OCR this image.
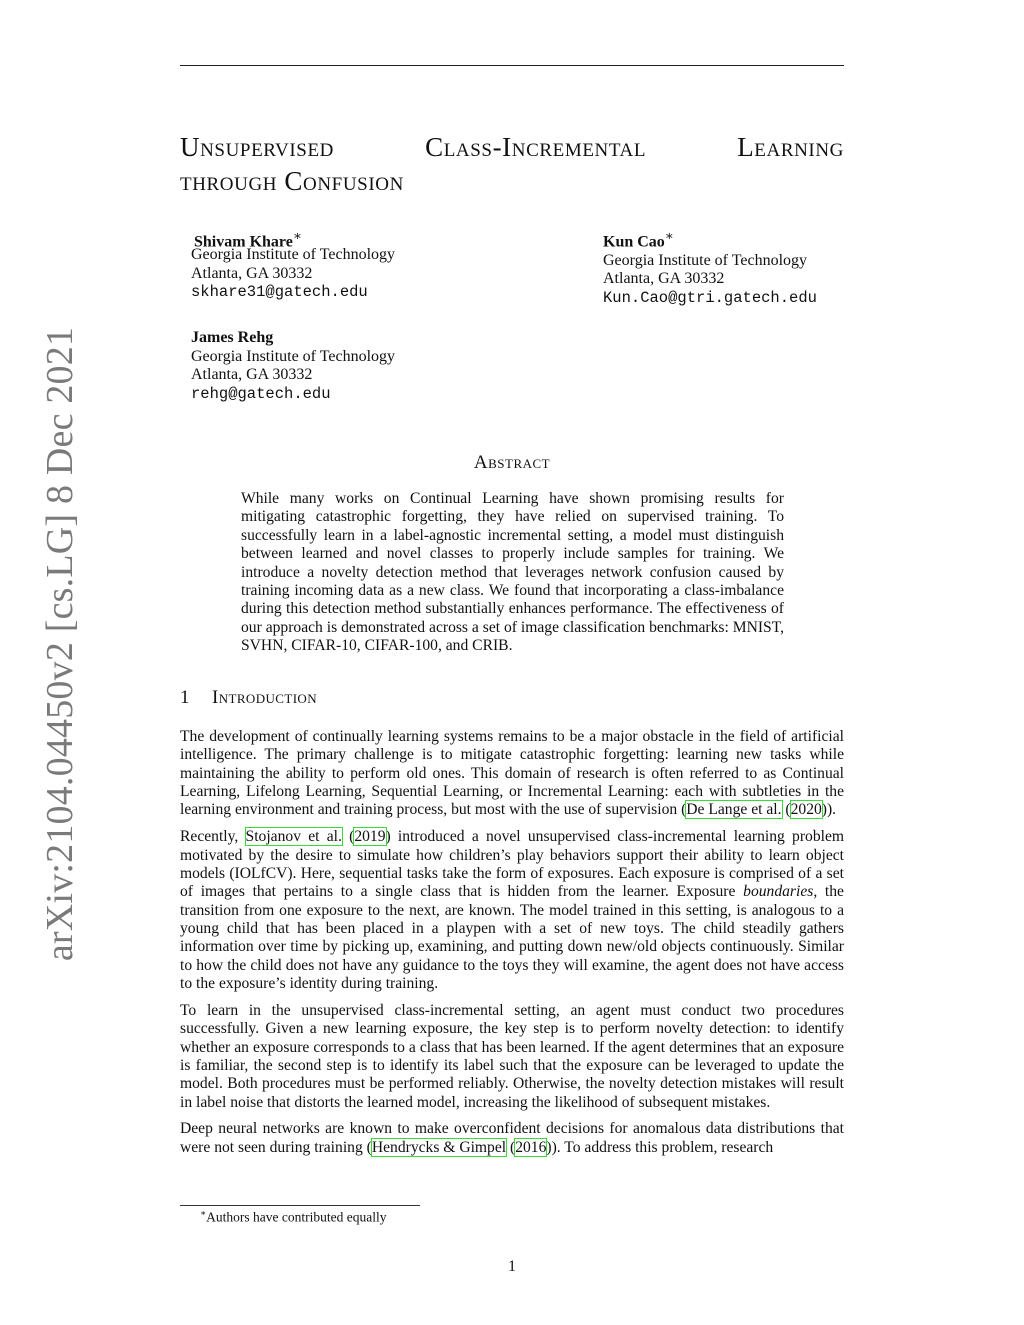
arXiv:2104.04450v2 [cs.LG] 8 Dec 2021
Unsupervised	Class-Incremental	Learning
through Confusion
Shivam Khare∗
Georgia Institute of Technology
Atlanta, GA 30332
skhare31@gatech.edu
Kun Cao∗
Georgia Institute of Technology
Atlanta, GA 30332
Kun.Cao@gtri.gatech.edu
James Rehg
Georgia Institute of Technology
Atlanta, GA 30332
rehg@gatech.edu
Abstract
While many works on Continual Learning have shown promising results for mitigating catastrophic forgetting, they have relied on supervised training. To successfully learn in a label-agnostic incremental setting, a model must distinguish between learned and novel classes to properly include samples for training. We introduce a novelty detection method that leverages network confusion caused by training incoming data as a new class. We found that incorporating a class-imbalance during this detection method substantially enhances performance. The effectiveness of our approach is demonstrated across a set of image classification benchmarks: MNIST, SVHN, CIFAR-10, CIFAR-100, and CRIB.
1 Introduction

The development of continually learning systems remains to be a major obstacle in the field of artificial intelligence. The primary challenge is to mitigate catastrophic forgetting: learning new tasks while maintaining the ability to perform old ones. This domain of research is often referred to as Continual Learning, Lifelong Learning, Sequential Learning, or Incremental Learning: each with subtleties in the learning environment and training process, but most with the use of supervision (De Lange et al. (2020)).

Recently, Stojanov et al. (2019) introduced a novel unsupervised class-incremental learning problem motivated by the desire to simulate how children’s play behaviors support their ability to learn object models (IOLfCV). Here, sequential tasks take the form of exposures. Each exposure is comprised of a set of images that pertains to a single class that is hidden from the learner. Exposure boundaries, the transition from one exposure to the next, are known. The model trained in this setting, is analogous to a young child that has been placed in a playpen with a set of new toys. The child steadily gathers information over time by picking up, examining, and putting down new/old objects continuously. Similar to how the child does not have any guidance to the toys they will examine, the agent does not have access to the exposure’s identity during training.

To learn in the unsupervised class-incremental setting, an agent must conduct two procedures successfully. Given a new learning exposure, the key step is to perform novelty detection: to identify whether an exposure corresponds to a class that has been learned. If the agent determines that an exposure is familiar, the second step is to identify its label such that the exposure can be leveraged to update the model. Both procedures must be performed reliably. Otherwise, the novelty detection mistakes will result in label noise that distorts the learned model, increasing the likelihood of subsequent mistakes.

Deep neural networks are known to make overconfident decisions for anomalous data distributions that were not seen during training (Hendrycks & Gimpel (2016)). To address this problem, research

∗Authors have contributed equally
1
